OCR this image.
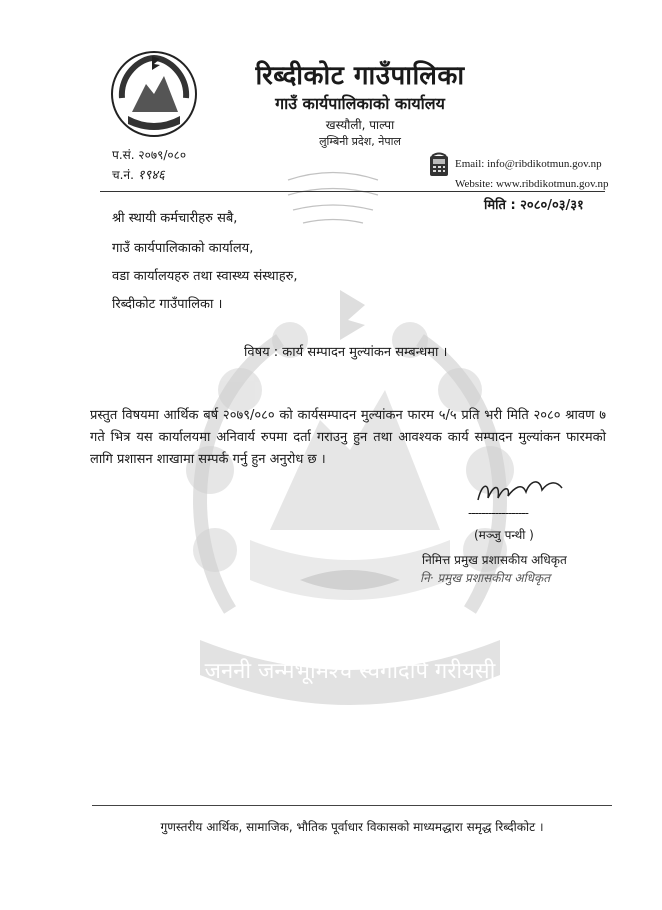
जननी जन्मभूमिश्च स्वर्गादपि गरीयसी
रिब्दीकोट गाउँपालिका
गाउँ कार्यपालिकाको कार्यालय
खस्यौली, पाल्पा
लुम्बिनी प्रदेश, नेपाल
प.सं. २०७९/०८०
च.नं. १९४६
Email: info@ribdikotmun.gov.np
Website: www.ribdikotmun.gov.np
मिति : २०८०/०३/३१
श्री स्थायी कर्मचारीहरु सबै,
गाउँ कार्यपालिकाको कार्यालय,
वडा कार्यालयहरु तथा स्वास्थ्य संस्थाहरु,
रिब्दीकोट गाउँपालिका ।
विषय : कार्य सम्पादन मुल्यांकन सम्बन्धमा ।
प्रस्तुत विषयमा आर्थिक बर्ष २०७९/०८० को कार्यसम्पादन मुल्यांकन फारम ५/५ प्रति भरी मिति २०८० श्रावण ७ गते भित्र यस कार्यालयमा अनिवार्य रुपमा दर्ता गराउनु हुन तथा आवश्यक कार्य सम्पादन मुल्यांकन फारमको लागि प्रशासन शाखामा सम्पर्क गर्नु हुन अनुरोध छ ।
------------------
(मञ्जु पन्थी )
निमित्त प्रमुख प्रशासकीय अधिकृत
नि· प्रमुख प्रशासकीय अधिकृत
गुणस्तरीय आर्थिक, सामाजिक, भौतिक पूर्वाधार विकासको माध्यमद्धारा समृद्ध रिब्दीकोट ।
